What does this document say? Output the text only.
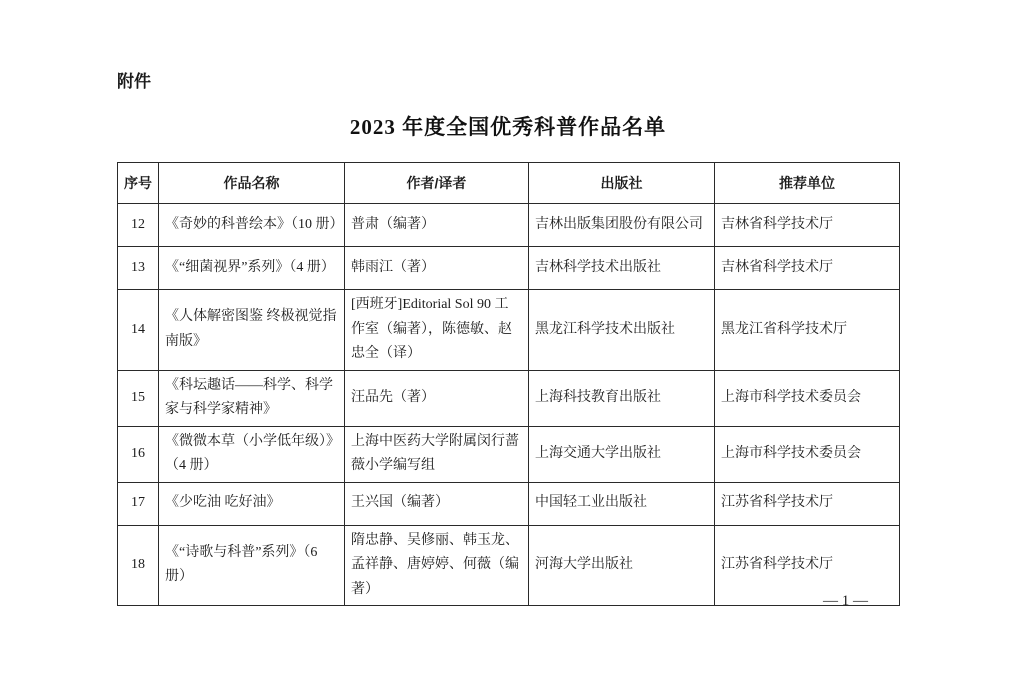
附件
2023 年度全国优秀科普作品名单
序号	作品名称	作者/译者	出版社	推荐单位
12	《奇妙的科普绘本》（10 册）	普肃（编著）	吉林出版集团股份有限公司	吉林省科学技术厅
13	《“细菌视界”系列》（4 册）	韩雨江（著）	吉林科学技术出版社	吉林省科学技术厅
14	《人体解密图鉴 终极视觉指南版》	[西班牙]Editorial Sol 90 工作室（编著），陈德敏、赵忠全（译）	黑龙江科学技术出版社	黑龙江省科学技术厅
15	《科坛趣话——科学、科学家与科学家精神》	汪品先（著）	上海科技教育出版社	上海市科学技术委员会
16	《微微本草（小学低年级）》（4 册）	上海中医药大学附属闵行蔷薇小学编写组	上海交通大学出版社	上海市科学技术委员会
17	《少吃油 吃好油》	王兴国（编著）	中国轻工业出版社	江苏省科学技术厅
18	《“诗歌与科普”系列》（6 册）	隋忠静、吴修丽、韩玉龙、孟祥静、唐婷婷、何薇（编著）	河海大学出版社	江苏省科学技术厅
— 1 —
